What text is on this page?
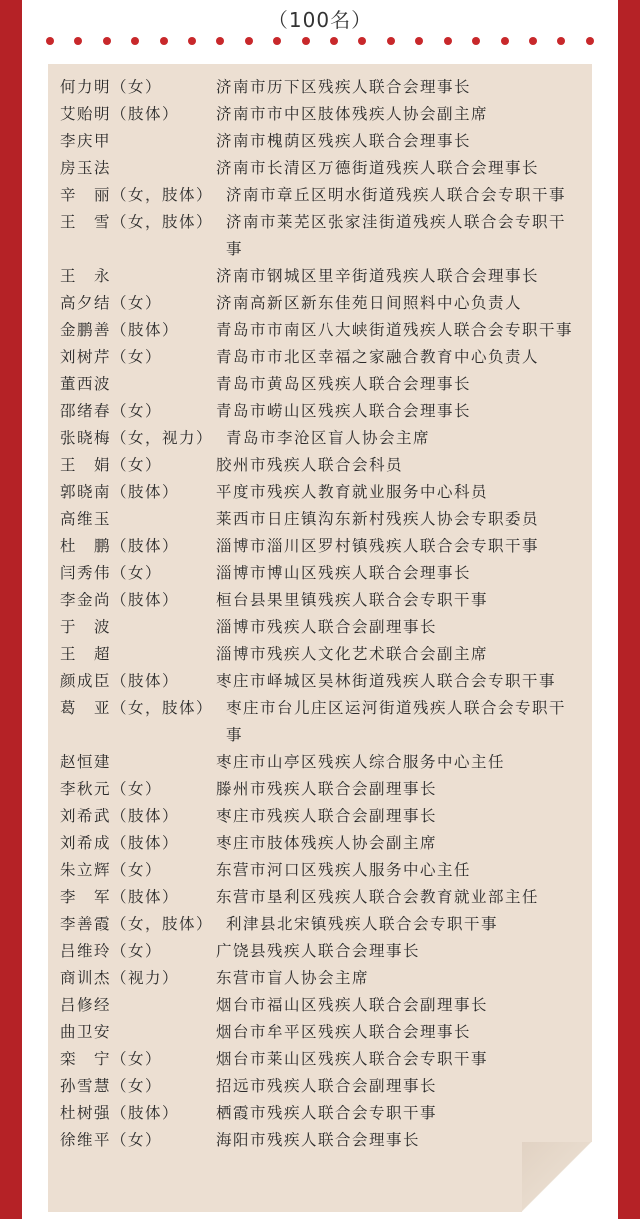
（100名）
何力明（女）	济南市历下区残疾人联合会理事长
艾贻明（肢体）	济南市市中区肢体残疾人协会副主席
李庆甲	济南市槐荫区残疾人联合会理事长
房玉法	济南市长清区万德街道残疾人联合会理事长
辛　丽（女，肢体） 济南市章丘区明水街道残疾人联合会专职干事
王　雪（女，肢体） 济南市莱芜区张家洼街道残疾人联合会专职干事
王　永	济南市钢城区里辛街道残疾人联合会理事长
高夕结（女）	济南高新区新东佳苑日间照料中心负责人
金鹏善（肢体）	青岛市市南区八大峡街道残疾人联合会专职干事
刘树芹（女）	青岛市市北区幸福之家融合教育中心负责人
董西波	青岛市黄岛区残疾人联合会理事长
邵绪春（女）	青岛市崂山区残疾人联合会理事长
张晓梅（女，视力） 青岛市李沧区盲人协会主席
王　娟（女）	胶州市残疾人联合会科员
郭晓南（肢体）	平度市残疾人教育就业服务中心科员
高维玉	莱西市日庄镇沟东新村残疾人协会专职委员
杜　鹏（肢体）	淄博市淄川区罗村镇残疾人联合会专职干事
闫秀伟（女）	淄博市博山区残疾人联合会理事长
李金尚（肢体）	桓台县果里镇残疾人联合会专职干事
于　波	淄博市残疾人联合会副理事长
王　超	淄博市残疾人文化艺术联合会副主席
颜成臣（肢体）	枣庄市峄城区吴林街道残疾人联合会专职干事
葛　亚（女，肢体） 枣庄市台儿庄区运河街道残疾人联合会专职干事
赵恒建	枣庄市山亭区残疾人综合服务中心主任
李秋元（女）	滕州市残疾人联合会副理事长
刘希武（肢体）	枣庄市残疾人联合会副理事长
刘希成（肢体）	枣庄市肢体残疾人协会副主席
朱立辉（女）	东营市河口区残疾人服务中心主任
李　军（肢体）	东营市垦利区残疾人联合会教育就业部主任
李善霞（女，肢体） 利津县北宋镇残疾人联合会专职干事
吕维玲（女）	广饶县残疾人联合会理事长
商训杰（视力）	东营市盲人协会主席
吕修经	烟台市福山区残疾人联合会副理事长
曲卫安	烟台市牟平区残疾人联合会理事长
栾　宁（女）	烟台市莱山区残疾人联合会专职干事
孙雪慧（女）	招远市残疾人联合会副理事长
杜树强（肢体）	栖霞市残疾人联合会专职干事
徐维平（女）	海阳市残疾人联合会理事长
